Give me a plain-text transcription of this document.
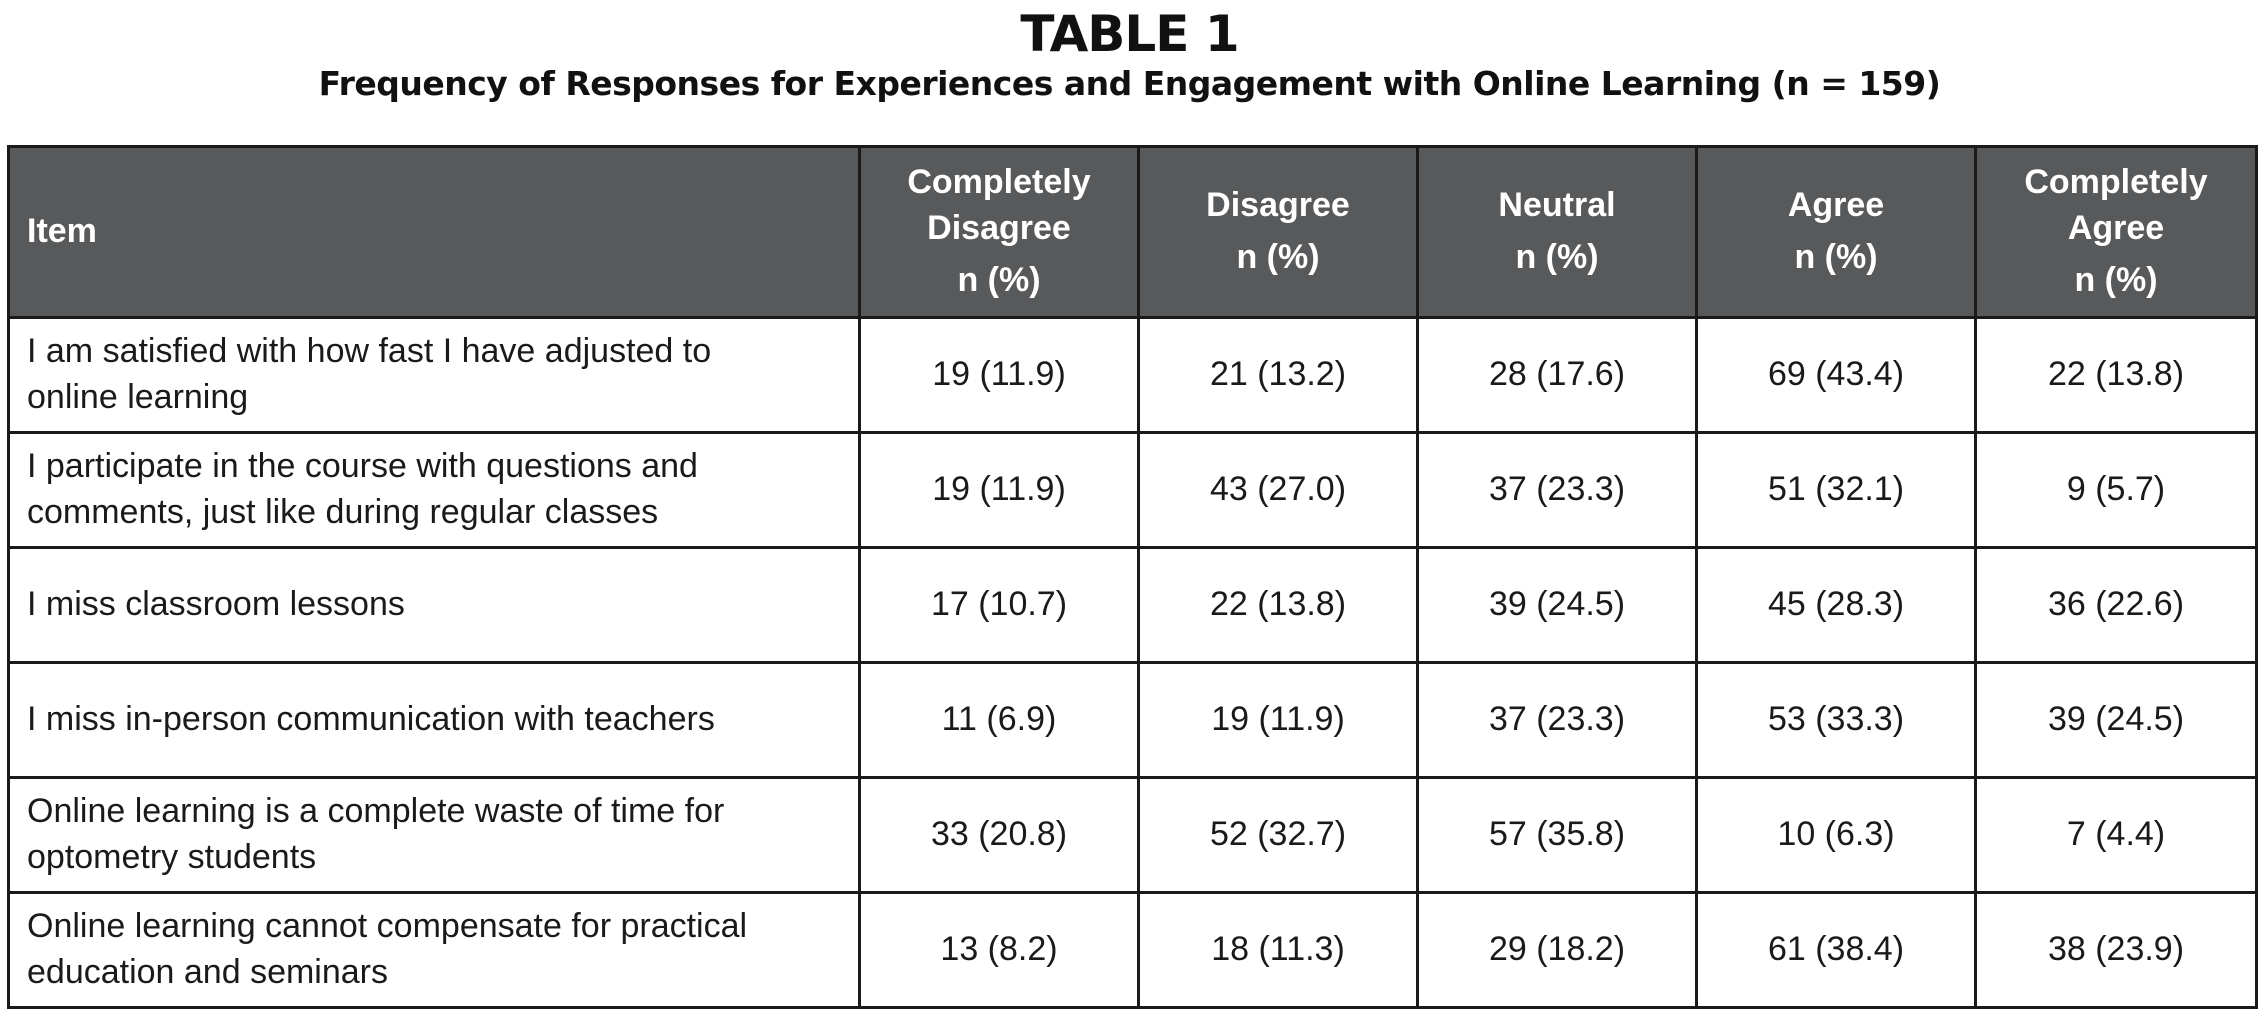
TABLE 1
Frequency of Responses for Experiences and Engagement with Online Learning (n = 159)
Item	Completely
Disagree
n (%)	Disagree
n (%)	Neutral
n (%)	Agree
n (%)	Completely
Agree
n (%)

I am satisfied with how fast I have adjusted to
online learning	19 (11.9)	21 (13.2)	28 (17.6)	69 (43.4)	22 (13.8)

I participate in the course with questions and
comments, just like during regular classes	19 (11.9)	43 (27.0)	37 (23.3)	51 (32.1)	9 (5.7)

I miss classroom lessons	17 (10.7)	22 (13.8)	39 (24.5)	45 (28.3)	36 (22.6)

I miss in-person communication with teachers	11 (6.9)	19 (11.9)	37 (23.3)	53 (33.3)	39 (24.5)

Online learning is a complete waste of time for
optometry students	33 (20.8)	52 (32.7)	57 (35.8)	10 (6.3)	7 (4.4)

Online learning cannot compensate for practical
education and seminars	13 (8.2)	18 (11.3)	29 (18.2)	61 (38.4)	38 (23.9)
